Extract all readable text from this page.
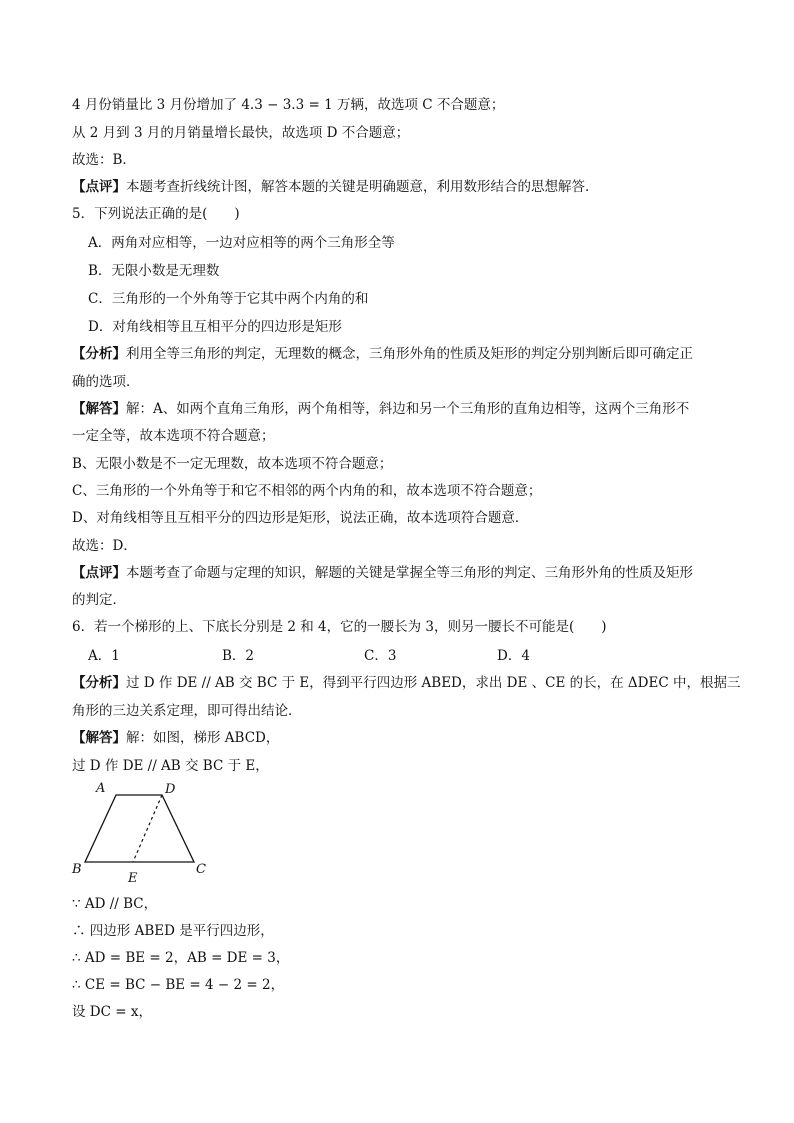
4 月份销量比 3 月份增加了 4.3 − 3.3 = 1 万辆，故选项 C 不合题意；
从 2 月到 3 月的月销量增长最快，故选项 D 不合题意；
故选：B．
【点评】本题考查折线统计图，解答本题的关键是明确题意，利用数形结合的思想解答．
5．下列说法正确的是(　　)
A．两角对应相等，一边对应相等的两个三角形全等
B．无限小数是无理数
C．三角形的一个外角等于它其中两个内角的和
D．对角线相等且互相平分的四边形是矩形
【分析】利用全等三角形的判定，无理数的概念，三角形外角的性质及矩形的判定分别判断后即可确定正
确的选项．
【解答】解：A、如两个直角三角形，两个角相等，斜边和另一个三角形的直角边相等，这两个三角形不
一定全等，故本选项不符合题意；
B、无限小数是不一定无理数，故本选项不符合题意；
C、三角形的一个外角等于和它不相邻的两个内角的和，故本选项不符合题意；
D、对角线相等且互相平分的四边形是矩形，说法正确，故本选项符合题意．
故选：D．
【点评】本题考查了命题与定理的知识，解题的关键是掌握全等三角形的判定、三角形外角的性质及矩形
的判定．
6．若一个梯形的上、下底长分别是 2 和 4，它的一腰长为 3，则另一腰长不可能是(　　)
A．1	B．2	C．3	D．4
【分析】过 D 作 DE // AB 交 BC 于 E，得到平行四边形 ABED，求出 DE 、CE 的长，在 ΔDEC 中，根据三
角形的三边关系定理，即可得出结论．
【解答】解：如图，梯形 ABCD，
过 D 作 DE // AB 交 BC 于 E，
A	D
B	C
E
∵ AD // BC，
∴ 四边形 ABED 是平行四边形，
∴ AD = BE = 2，AB = DE = 3，
∴ CE = BC − BE = 4 − 2 = 2，
设 DC = x，
